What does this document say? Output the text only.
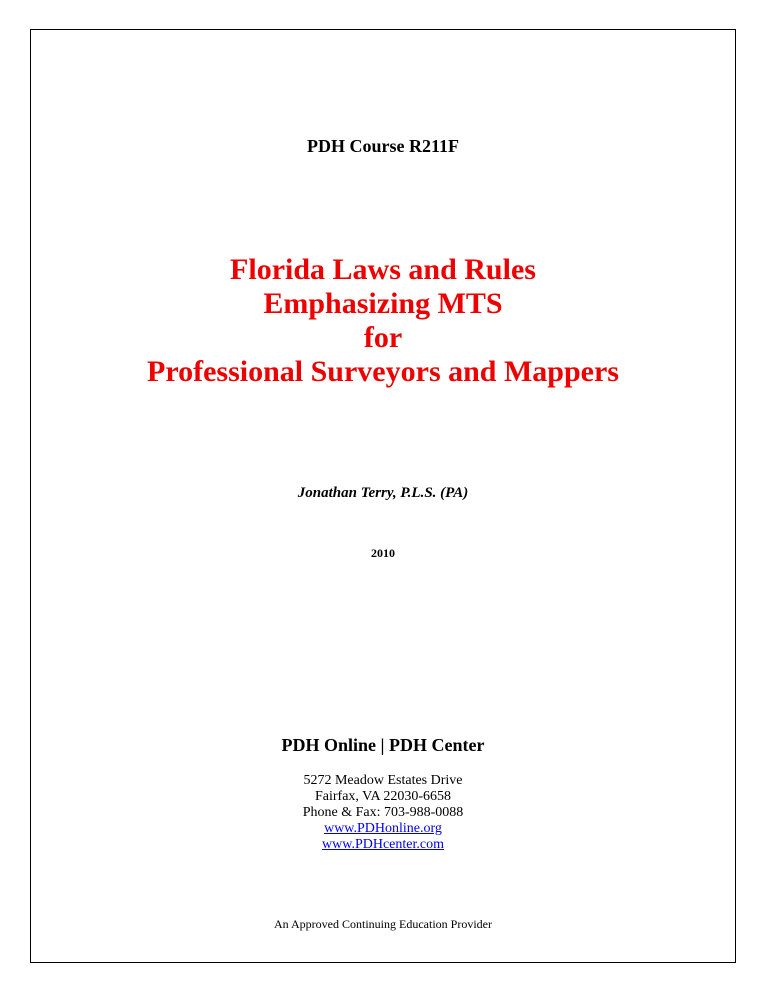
PDH Course R211F
Florida Laws and Rules
Emphasizing MTS
for
Professional Surveyors and Mappers
Jonathan Terry, P.L.S. (PA)
2010
PDH Online | PDH Center
5272 Meadow Estates Drive
Fairfax, VA 22030-6658
Phone & Fax: 703-988-0088
www.PDHonline.org
www.PDHcenter.com
An Approved Continuing Education Provider
